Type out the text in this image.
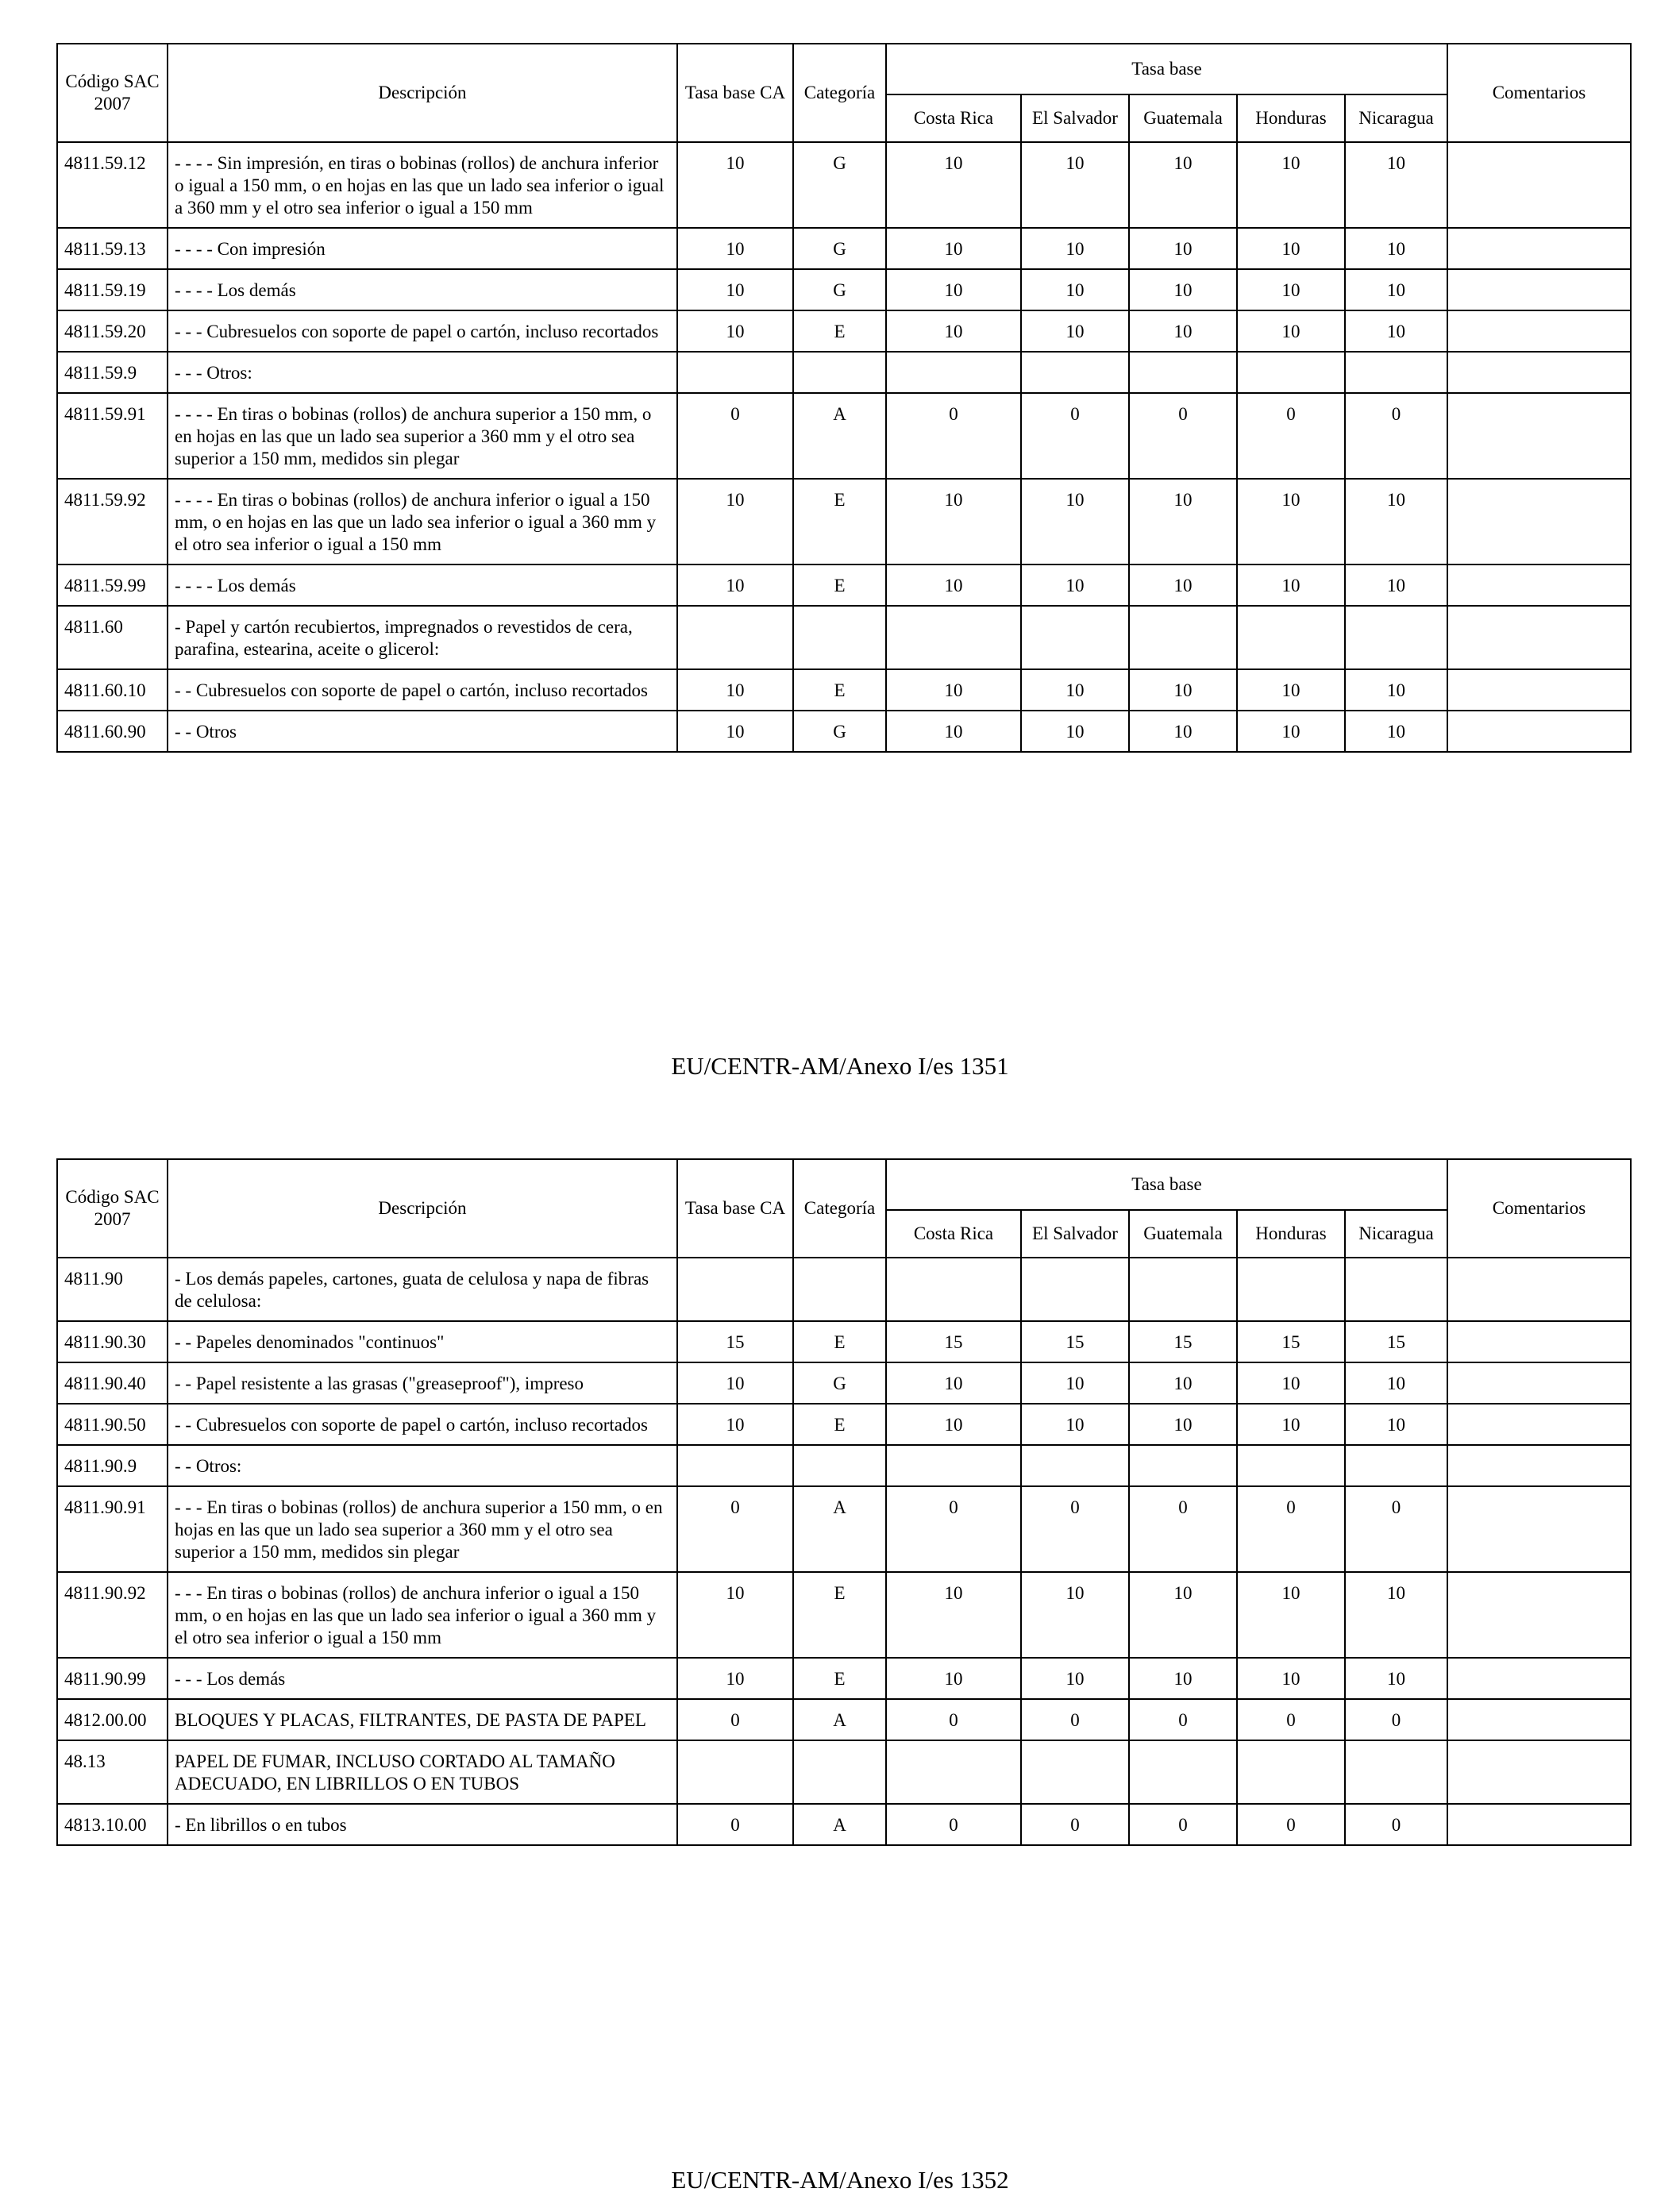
Código SAC 2007	Descripción	Tasa base CA	Categoría	Tasa base					Comentarios
				Costa Rica	El Salvador	Guatemala	Honduras	Nicaragua	
4811.59.12	- - - - Sin impresión, en tiras o bobinas (rollos) de anchura inferior o igual a 150 mm, o en hojas en las que un lado sea inferior o igual a 360 mm y el otro sea inferior o igual a 150 mm	10	G	10	10	10	10	10	
4811.59.13	- - - - Con impresión	10	G	10	10	10	10	10	
4811.59.19	- - - - Los demás	10	G	10	10	10	10	10	
4811.59.20	- - - Cubresuelos con soporte de papel o cartón, incluso recortados	10	E	10	10	10	10	10	
4811.59.9	- - - Otros:								
4811.59.91	- - - - En tiras o bobinas (rollos) de anchura superior a 150 mm, o en hojas en las que un lado sea superior a 360 mm y el otro sea superior a 150 mm, medidos sin plegar	0	A	0	0	0	0	0	
4811.59.92	- - - - En tiras o bobinas (rollos) de anchura inferior o igual a 150 mm, o en hojas en las que un lado sea inferior o igual a 360 mm y el otro sea inferior o igual a 150 mm	10	E	10	10	10	10	10	
4811.59.99	- - - - Los demás	10	E	10	10	10	10	10	
4811.60	- Papel y cartón recubiertos, impregnados o revestidos de cera, parafina, estearina, aceite o glicerol:								
4811.60.10	- - Cubresuelos con soporte de papel o cartón, incluso recortados	10	E	10	10	10	10	10	
4811.60.90	- - Otros	10	G	10	10	10	10	10	
EU/CENTR-AM/Anexo I/es 1351
Código SAC 2007	Descripción	Tasa base CA	Categoría	Tasa base					Comentarios
				Costa Rica	El Salvador	Guatemala	Honduras	Nicaragua	
4811.90	- Los demás papeles, cartones, guata de celulosa y napa de fibras de celulosa:								
4811.90.30	- - Papeles denominados "continuos"	15	E	15	15	15	15	15	
4811.90.40	- - Papel resistente a las grasas ("greaseproof"), impreso	10	G	10	10	10	10	10	
4811.90.50	- - Cubresuelos con soporte de papel o cartón, incluso recortados	10	E	10	10	10	10	10	
4811.90.9	- - Otros:								
4811.90.91	- - - En tiras o bobinas (rollos) de anchura superior a 150 mm, o en hojas en las que un lado sea superior a 360 mm y el otro sea superior a 150 mm, medidos sin plegar	0	A	0	0	0	0	0	
4811.90.92	- - - En tiras o bobinas (rollos) de anchura inferior o igual a 150 mm, o en hojas en las que un lado sea inferior o igual a 360 mm y el otro sea inferior o igual a 150 mm	10	E	10	10	10	10	10	
4811.90.99	- - - Los demás	10	E	10	10	10	10	10	
4812.00.00	BLOQUES Y PLACAS, FILTRANTES, DE PASTA DE PAPEL	0	A	0	0	0	0	0	
48.13	PAPEL DE FUMAR, INCLUSO CORTADO AL TAMAÑO ADECUADO, EN LIBRILLOS O EN TUBOS								
4813.10.00	- En librillos o en tubos	0	A	0	0	0	0	0	
EU/CENTR-AM/Anexo I/es 1352
